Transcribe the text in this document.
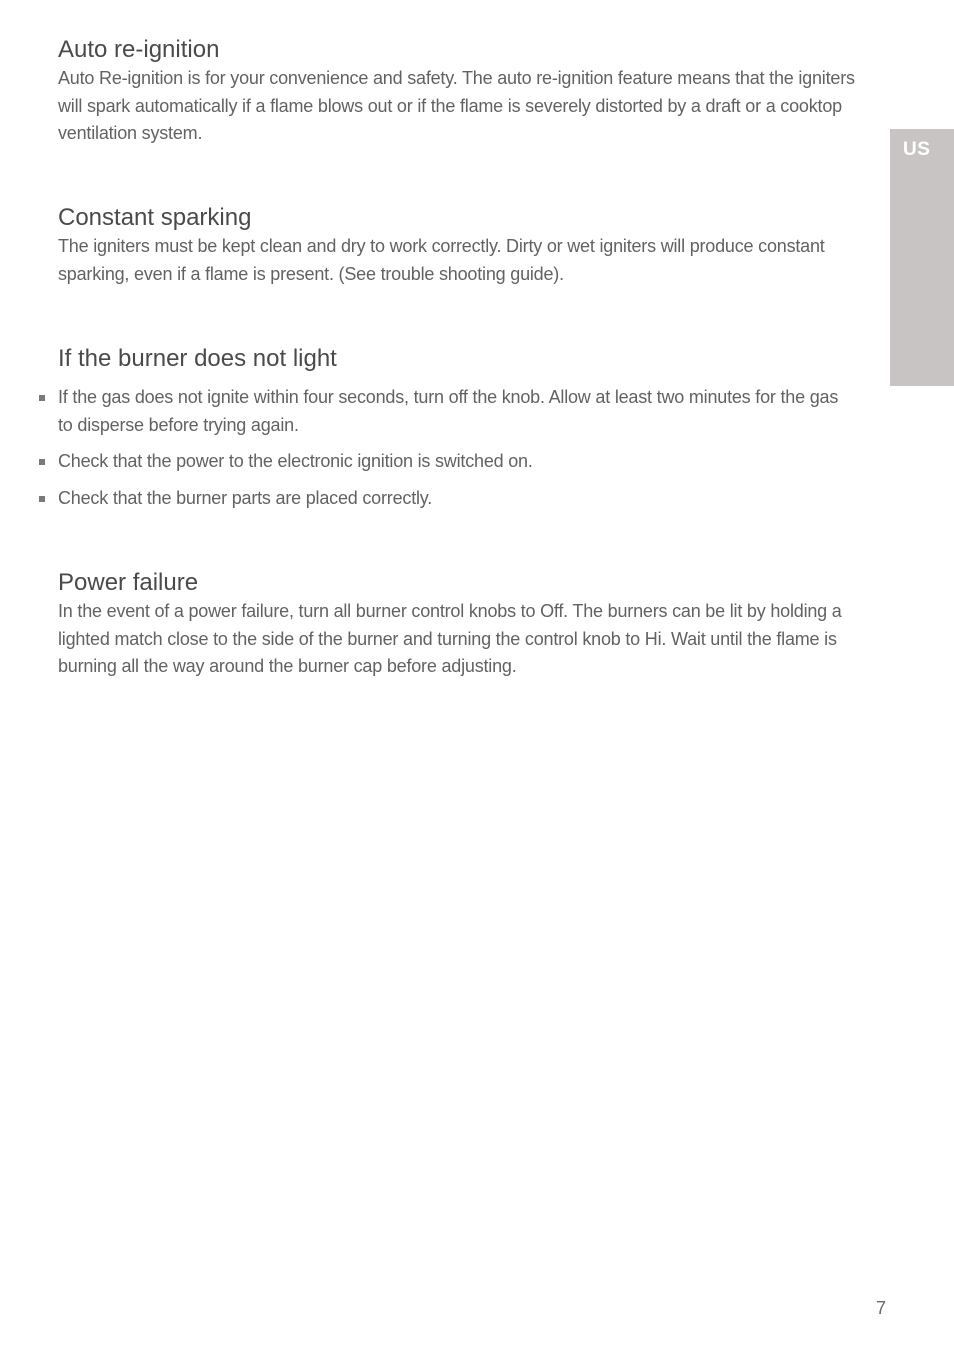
US
Auto re-ignition

Auto Re-ignition is for your convenience and safety. The auto re-ignition feature means that the igniters will spark automatically if a flame blows out or if the flame is severely distorted by a draft or a cooktop ventilation system.

Constant sparking

The igniters must be kept clean and dry to work correctly. Dirty or wet igniters will produce constant sparking, even if a flame is present. (See trouble shooting guide).

If the burner does not light
If the gas does not ignite within four seconds, turn off the knob. Allow at least two minutes for the gas to disperse before trying again.
Check that the power to the electronic ignition is switched on.
Check that the burner parts are placed correctly.
Power failure

In the event of a power failure, turn all burner control knobs to Off. The burners can be lit by holding a lighted match close to the side of the burner and turning the control knob to Hi. Wait until the flame is burning all the way around the burner cap before adjusting.

7
